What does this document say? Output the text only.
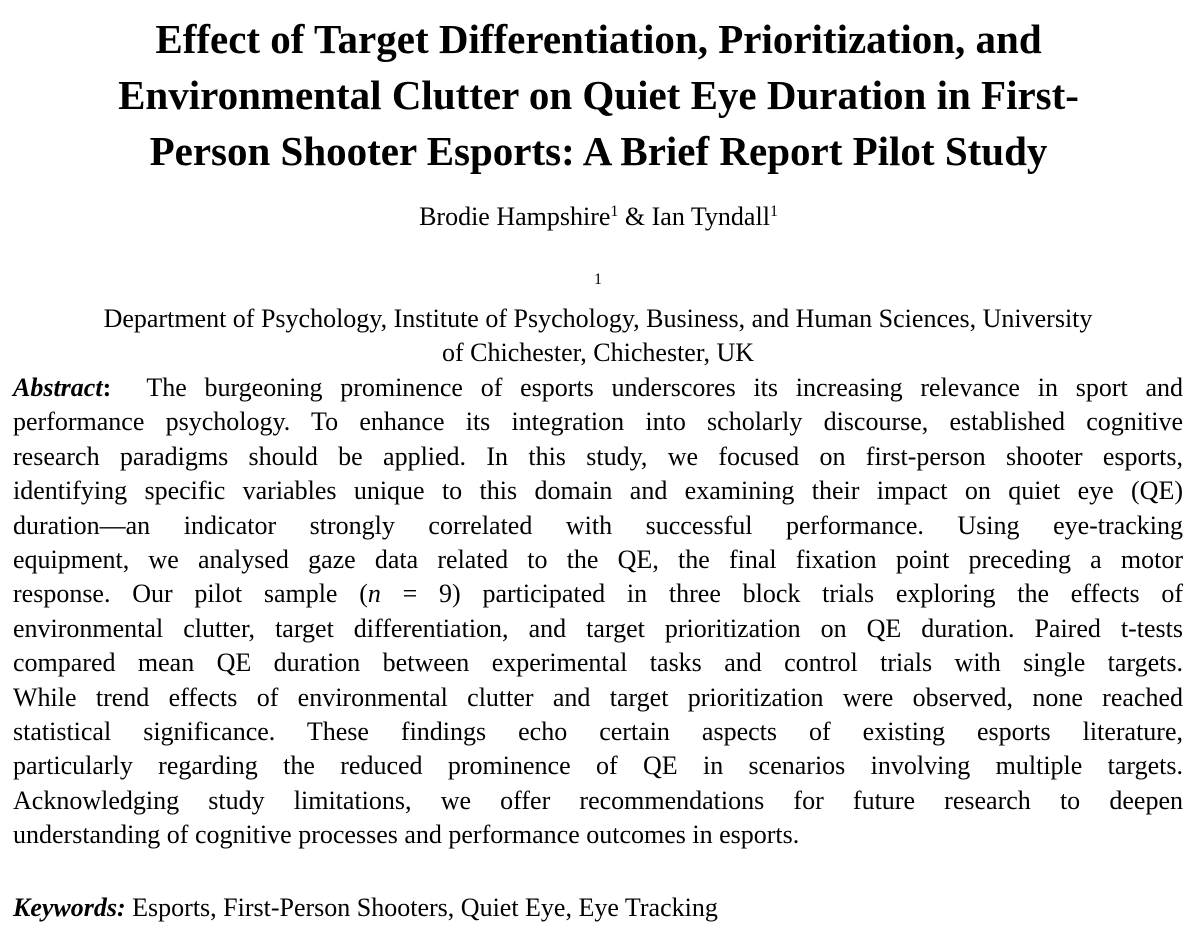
Effect of Target Differentiation, Prioritization, and
Environmental Clutter on Quiet Eye Duration in First-
Person Shooter Esports: A Brief Report Pilot Study
Brodie Hampshire$^1$ & Ian Tyndall$^1$
$^1$
Department of Psychology, Institute of Psychology, Business, and Human Sciences, University
of Chichester, Chichester, UK
Abstract: The burgeoning prominence of esports underscores its increasing relevance in sport and
performance psychology. To enhance its integration into scholarly discourse, established cognitive
research paradigms should be applied. In this study, we focused on first-person shooter esports,
identifying specific variables unique to this domain and examining their impact on quiet eye (QE)
duration—an indicator strongly correlated with successful performance. Using eye-tracking
equipment, we analysed gaze data related to the QE, the final fixation point preceding a motor
response. Our pilot sample (n = 9) participated in three block trials exploring the effects of
environmental clutter, target differentiation, and target prioritization on QE duration. Paired t-tests
compared mean QE duration between experimental tasks and control trials with single targets.
While trend effects of environmental clutter and target prioritization were observed, none reached
statistical significance. These findings echo certain aspects of existing esports literature,
particularly regarding the reduced prominence of QE in scenarios involving multiple targets.
Acknowledging study limitations, we offer recommendations for future research to deepen
understanding of cognitive processes and performance outcomes in esports.
Keywords: Esports, First-Person Shooters, Quiet Eye, Eye Tracking
